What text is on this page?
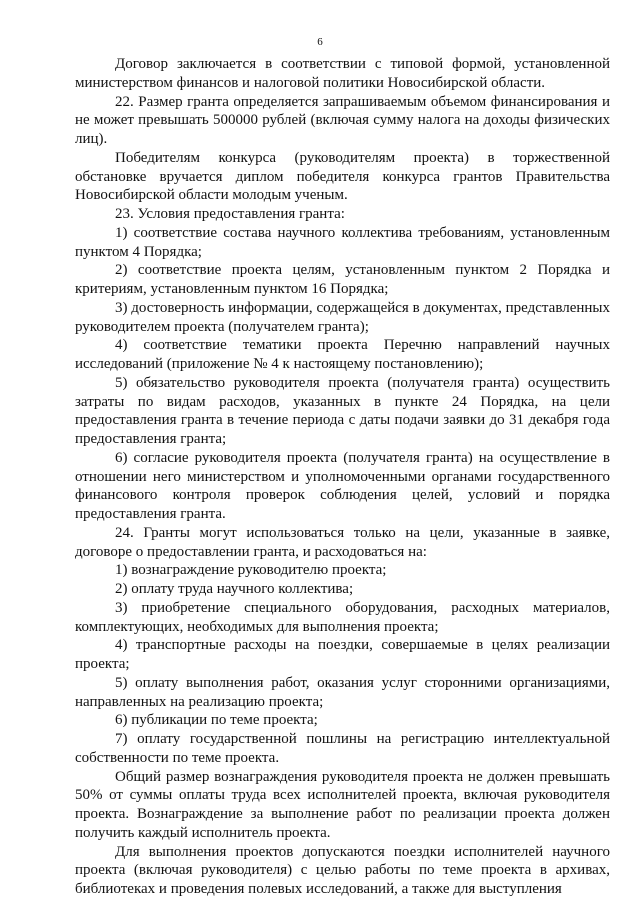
6

Договор заключается в соответствии с типовой формой, установленной министерством финансов и налоговой политики Новосибирской области.

22. Размер гранта определяется запрашиваемым объемом финансирования и не может превышать 500000 рублей (включая сумму налога на доходы физических лиц).

Победителям конкурса (руководителям проекта) в торжественной обстановке вручается диплом победителя конкурса грантов Правительства Новосибирской области молодым ученым.

23. Условия предоставления гранта:

1) соответствие состава научного коллектива требованиям, установленным пунктом 4 Порядка;

2) соответствие проекта целям, установленным пунктом 2 Порядка и критериям, установленным пунктом 16 Порядка;

3) достоверность информации, содержащейся в документах, представленных руководителем проекта (получателем гранта);

4) соответствие тематики проекта Перечню направлений научных исследований (приложение № 4 к настоящему постановлению);

5) обязательство руководителя проекта (получателя гранта) осуществить затраты по видам расходов, указанных в пункте 24 Порядка, на цели предоставления гранта в течение периода с даты подачи заявки до 31 декабря года предоставления гранта;

6) согласие руководителя проекта (получателя гранта) на осуществление в отношении него министерством и уполномоченными органами государственного финансового контроля проверок соблюдения целей, условий и порядка предоставления гранта.

24. Гранты могут использоваться только на цели, указанные в заявке, договоре о предоставлении гранта, и расходоваться на:

1) вознаграждение руководителю проекта;

2) оплату труда научного коллектива;

3) приобретение специального оборудования, расходных материалов, комплектующих, необходимых для выполнения проекта;

4) транспортные расходы на поездки, совершаемые в целях реализации проекта;

5) оплату выполнения работ, оказания услуг сторонними организациями, направленных на реализацию проекта;

6) публикации по теме проекта;

7) оплату государственной пошлины на регистрацию интеллектуальной собственности по теме проекта.

Общий размер вознаграждения руководителя проекта не должен превышать 50% от суммы оплаты труда всех исполнителей проекта, включая руководителя проекта. Вознаграждение за выполнение работ по реализации проекта должен получить каждый исполнитель проекта.

Для выполнения проектов допускаются поездки исполнителей научного проекта (включая руководителя) с целью работы по теме проекта в архивах, библиотеках и проведения полевых исследований, а также для выступления
